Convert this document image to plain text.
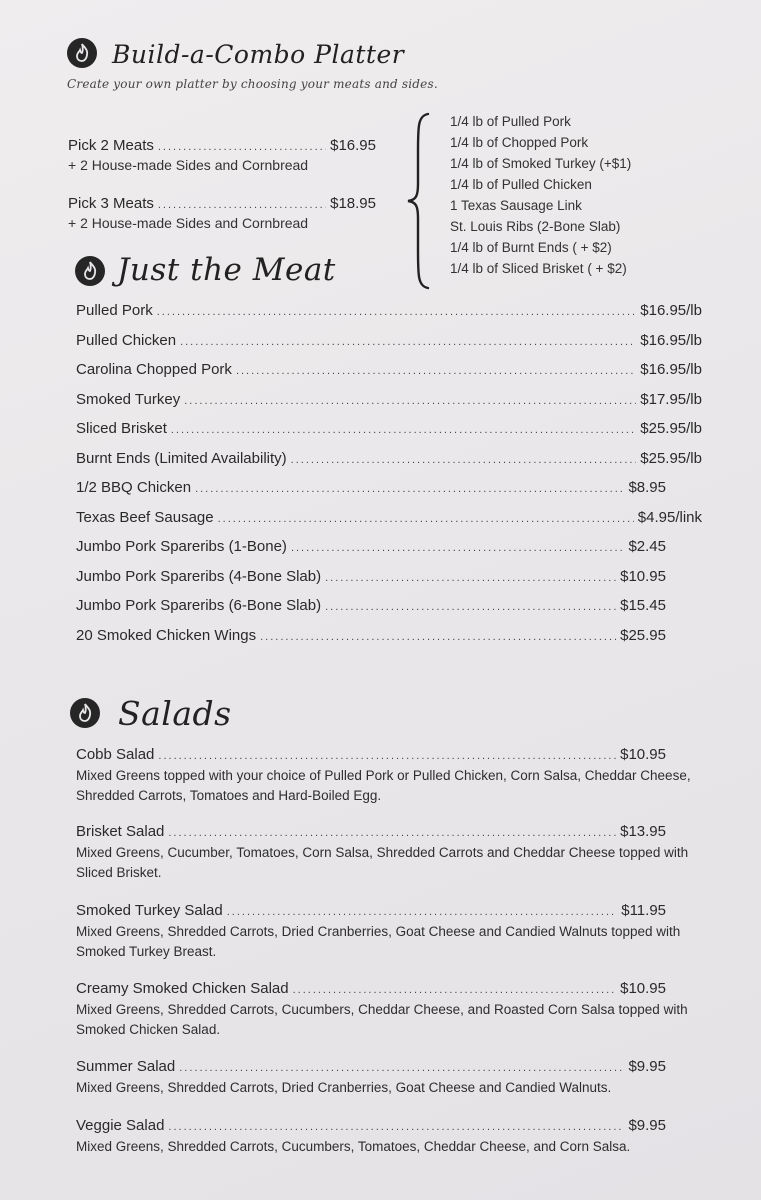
Build-a-Combo Platter
Create your own platter by choosing your meats and sides.
Pick 2 Meats .....	$16.95
+ 2 House-made Sides and Cornbread
Pick 3 Meats .....	$18.95
+ 2 House-made Sides and Cornbread
1/4 lb of Pulled Pork
1/4 lb of Chopped Pork
1/4 lb of Smoked Turkey (+$1)
1/4 lb of Pulled Chicken
1 Texas Sausage Link
St. Louis Ribs (2-Bone Slab)
1/4 lb of Burnt Ends ( + $2)
1/4 lb of Sliced Brisket ( + $2)
Just the Meat
Pulled Pork .....	$16.95/lb
Pulled Chicken .....	$16.95/lb
Carolina Chopped Pork .....	$16.95/lb
Smoked Turkey .....	$17.95/lb
Sliced Brisket .....	$25.95/lb
Burnt Ends (Limited Availability) .....	$25.95/lb
1/2 BBQ Chicken .....	$8.95
Texas Beef Sausage .....	$4.95/link
Jumbo Pork Spareribs (1-Bone) .....	$2.45
Jumbo Pork Spareribs (4-Bone Slab) .....	$10.95
Jumbo Pork Spareribs (6-Bone Slab) .....	$15.45
20 Smoked Chicken Wings .....	$25.95
Salads
Cobb Salad .....	$10.95
Mixed Greens topped with your choice of Pulled Pork or Pulled Chicken, Corn Salsa, Cheddar Cheese, Shredded Carrots, Tomatoes and Hard-Boiled Egg.
Brisket Salad .....	$13.95
Mixed Greens, Cucumber, Tomatoes, Corn Salsa, Shredded Carrots and Cheddar Cheese topped with Sliced Brisket.
Smoked Turkey Salad .....	$11.95
Mixed Greens, Shredded Carrots, Dried Cranberries, Goat Cheese and Candied Walnuts topped with Smoked Turkey Breast.
Creamy Smoked Chicken Salad .....	$10.95
Mixed Greens, Shredded Carrots, Cucumbers, Cheddar Cheese, and Roasted Corn Salsa topped with Smoked Chicken Salad.
Summer Salad .....	$9.95
Mixed Greens, Shredded Carrots, Dried Cranberries, Goat Cheese and Candied Walnuts.
Veggie Salad .....	$9.95
Mixed Greens, Shredded Carrots, Cucumbers, Tomatoes, Cheddar Cheese, and Corn Salsa.
